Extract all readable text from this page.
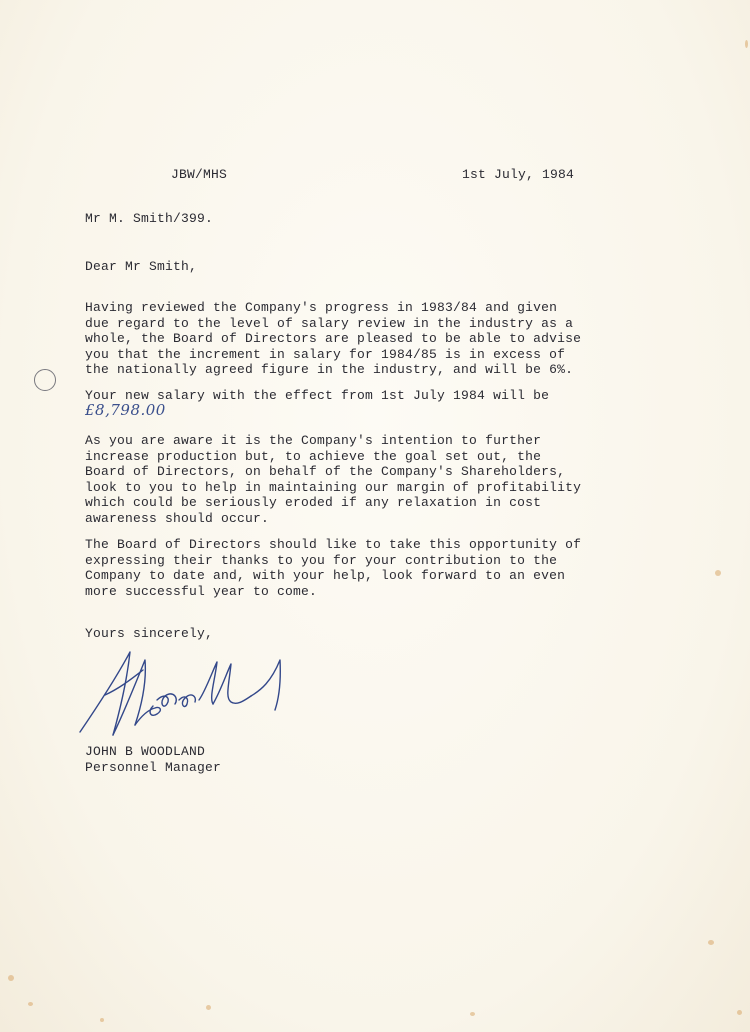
JBW/MHS	1st July, 1984
Mr M. Smith/399.
Dear Mr Smith,
Having reviewed the Company's progress in 1983/84 and given
due regard to the level of salary review in the industry as a
whole, the Board of Directors are pleased to be able to advise
you that the increment in salary for 1984/85 is in excess of
the nationally agreed figure in the industry, and will be 6%.
Your new salary with the effect from 1st July 1984 will be
£8,798.00
As you are aware it is the Company's intention to further
increase production but, to achieve the goal set out, the
Board of Directors, on behalf of the Company's Shareholders,
look to you to help in maintaining our margin of profitability
which could be seriously eroded if any relaxation in cost
awareness should occur.
The Board of Directors should like to take this opportunity of
expressing their thanks to you for your contribution to the
Company to date and, with your help, look forward to an even
more successful year to come.
Yours sincerely,
JOHN B WOODLAND
Personnel Manager
